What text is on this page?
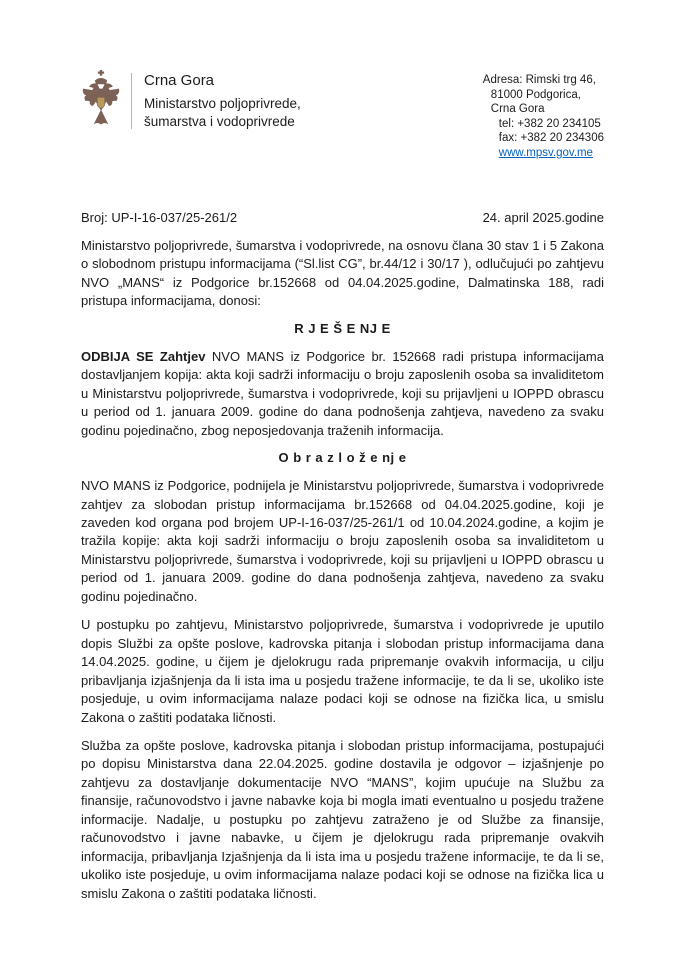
Crna Gora
Ministarstvo poljoprivrede,
šumarstva i vodoprivrede
Adresa: Rimski trg 46,
81000 Podgorica,
Crna Gora
tel: +382 20 234105
fax: +382 20 234306
www.mpsv.gov.me
Broj: UP-I-16-037/25-261/2	24. april 2025.godine

Ministarstvo poljoprivrede, šumarstva i vodoprivrede, na osnovu člana 30 stav 1 i 5 Zakona o slobodnom pristupu informacijama (“Sl.list CG”, br.44/12 i 30/17 ), odlučujući po zahtjevu NVO „MANS“ iz Podgorice br.152668 od 04.04.2025.godine, Dalmatinska 188, radi pristupa informacijama, donosi:

R J E Š E NJ E

ODBIJA SE Zahtjev NVO MANS iz Podgorice br. 152668 radi pristupa informacijama dostavljanjem kopija: akta koji sadrži informaciju o broju zaposlenih osoba sa invaliditetom u Ministarstvu poljoprivrede, šumarstva i vodoprivrede, koji su prijavljeni u IOPPD obrascu u period od 1. januara 2009. godine do dana podnošenja zahtjeva, navedeno za svaku godinu pojedinačno, zbog neposjedovanja traženih informacija.

O b r a z l o ž e nj e

NVO MANS iz Podgorice, podnijela je Ministarstvu poljoprivrede, šumarstva i vodoprivrede zahtjev za slobodan pristup informacijama br.152668 od 04.04.2025.godine, koji je zaveden kod organa pod brojem UP-I-16-037/25-261/1 od 10.04.2024.godine, a kojim je tražila kopije: akta koji sadrži informaciju o broju zaposlenih osoba sa invaliditetom u Ministarstvu poljoprivrede, šumarstva i vodoprivrede, koji su prijavljeni u IOPPD obrascu u period od 1. januara 2009. godine do dana podnošenja zahtjeva, navedeno za svaku godinu pojedinačno.

U postupku po zahtjevu, Ministarstvo poljoprivrede, šumarstva i vodoprivrede je uputilo dopis Službi za opšte poslove, kadrovska pitanja i slobodan pristup informacijama dana 14.04.2025. godine, u čijem je djelokrugu rada pripremanje ovakvih informacija, u cilju pribavljanja izjašnjenja da li ista ima u posjedu tražene informacije, te da li se, ukoliko iste posjeduje, u ovim informacijama nalaze podaci koji se odnose na fizička lica, u smislu Zakona o zaštiti podataka ličnosti.

Služba za opšte poslove, kadrovska pitanja i slobodan pristup informacijama, postupajući po dopisu Ministarstva dana 22.04.2025. godine dostavila je odgovor – izjašnjenje po zahtjevu za dostavljanje dokumentacije NVO “MANS”, kojim upućuje na Službu za finansije, računovodstvo i javne nabavke koja bi mogla imati eventualno u posjedu tražene informacije. Nadalje, u postupku po zahtjevu zatraženo je od Službe za finansije, računovodstvo i javne nabavke, u čijem je djelokrugu rada pripremanje ovakvih informacija, pribavljanja Izjašnjenja da li ista ima u posjedu tražene informacije, te da li se, ukoliko iste posjeduje, u ovim informacijama nalaze podaci koji se odnose na fizička lica u smislu Zakona o zaštiti podataka ličnosti.
